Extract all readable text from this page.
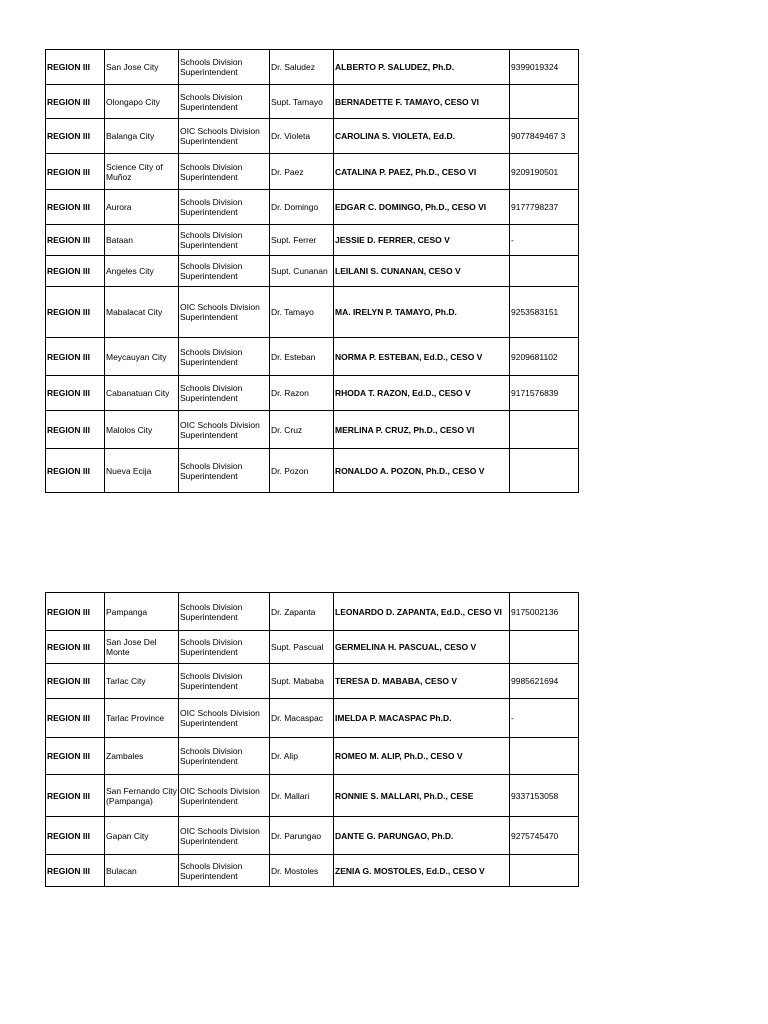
REGION III	San Jose City	Schools Division Superintendent	Dr. Saludez	ALBERTO P. SALUDEZ, Ph.D.	9399019324
REGION III	Olongapo City	Schools Division Superintendent	Supt. Tamayo	BERNADETTE F. TAMAYO, CESO VI	
REGION III	Balanga City	OIC Schools Division Superintendent	Dr. Violeta	CAROLINA S. VIOLETA, Ed.D.	9077849467 3
REGION III	Science City of Muñoz	Schools Division Superintendent	Dr. Paez	CATALINA P. PAEZ, Ph.D., CESO VI	9209190501
REGION III	Aurora	Schools Division Superintendent	Dr. Domingo	EDGAR C. DOMINGO, Ph.D., CESO VI	9177798237
REGION III	Bataan	Schools Division Superintendent	Supt. Ferrer	JESSIE D. FERRER, CESO V	-
REGION III	Angeles City	Schools Division Superintendent	Supt. Cunanan	LEILANI S. CUNANAN, CESO V	
REGION III	Mabalacat City	OIC Schools Division Superintendent	Dr. Tamayo	MA. IRELYN P. TAMAYO, Ph.D.	9253583151
REGION III	Meycauyan City	Schools Division Superintendent	Dr. Esteban	NORMA P. ESTEBAN, Ed.D., CESO V	9209681102
REGION III	Cabanatuan City	Schools Division Superintendent	Dr. Razon	RHODA T. RAZON, Ed.D., CESO V	9171576839
REGION III	Malolos City	OIC Schools Division Superintendent	Dr. Cruz	MERLINA P. CRUZ, Ph.D., CESO VI	
REGION III	Nueva Ecija	Schools Division Superintendent	Dr. Pozon	RONALDO A. POZON, Ph.D., CESO V	
REGION III	Pampanga	Schools Division Superintendent	Dr. Zapanta	LEONARDO D. ZAPANTA, Ed.D., CESO VI	9175002136
REGION III	San Jose Del Monte	Schools Division Superintendent	Supt. Pascual	GERMELINA H. PASCUAL, CESO V	
REGION III	Tarlac City	Schools Division Superintendent	Supt. Mababa	TERESA D. MABABA, CESO V	9985621694
REGION III	Tarlac Province	OIC Schools Division Superintendent	Dr. Macaspac	IMELDA P. MACASPAC Ph.D.	-
REGION III	Zambales	Schools Division Superintendent	Dr. Alip	ROMEO M. ALIP, Ph.D., CESO V	
REGION III	San Fernando City (Pampanga)	OIC Schools Division Superintendent	Dr. Mallari	RONNIE S. MALLARI, Ph.D., CESE	9337153058
REGION III	Gapan City	OIC Schools Division Superintendent	Dr. Parungao	DANTE G. PARUNGAO, Ph.D.	9275745470
REGION III	Bulacan	Schools Division Superintendent	Dr. Mostoles	ZENIA G. MOSTOLES, Ed.D., CESO V	
